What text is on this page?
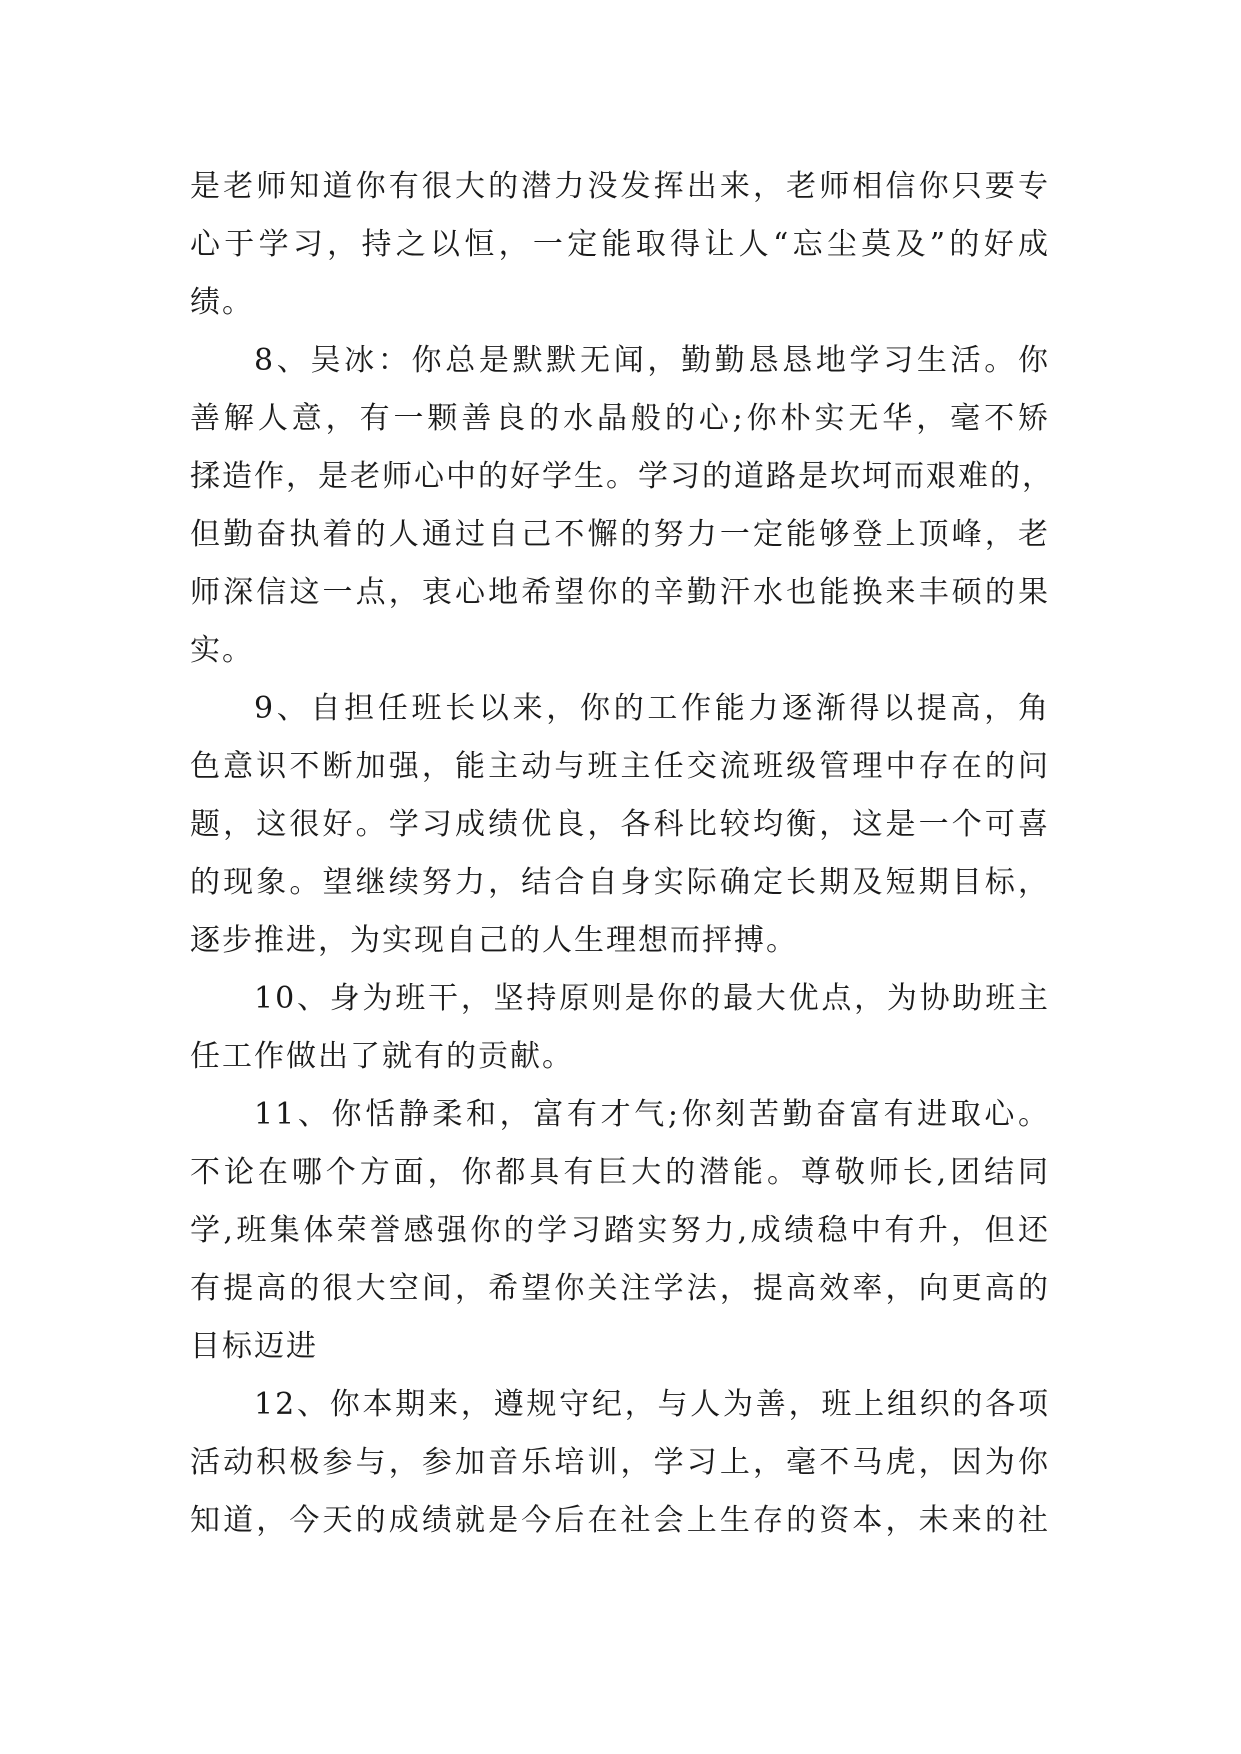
是老师知道你有很大的潜力没发挥出来，老师相信你只要专
心于学习，持之以恒，一定能取得让人“忘尘莫及”的好成
绩。
8、吴冰：你总是默默无闻，勤勤恳恳地学习生活。你
善解人意，有一颗善良的水晶般的心;你朴实无华，毫不矫
揉造作，是老师心中的好学生。学习的道路是坎坷而艰难的，
但勤奋执着的人通过自己不懈的努力一定能够登上顶峰，老
师深信这一点，衷心地希望你的辛勤汗水也能换来丰硕的果
实。
9、自担任班长以来，你的工作能力逐渐得以提高，角
色意识不断加强，能主动与班主任交流班级管理中存在的问
题，这很好。学习成绩优良，各科比较均衡，这是一个可喜
的现象。望继续努力，结合自身实际确定长期及短期目标，
逐步推进，为实现自己的人生理想而抨搏。
10、身为班干，坚持原则是你的最大优点，为协助班主
任工作做出了就有的贡献。
11、你恬静柔和，富有才气;你刻苦勤奋富有进取心。
不论在哪个方面，你都具有巨大的潜能。尊敬师长,团结同
学,班集体荣誉感强你的学习踏实努力,成绩稳中有升，但还
有提高的很大空间，希望你关注学法，提高效率，向更高的
目标迈进
12、你本期来，遵规守纪，与人为善，班上组织的各项
活动积极参与，参加音乐培训，学习上，毫不马虎，因为你
知道，今天的成绩就是今后在社会上生存的资本，未来的社
